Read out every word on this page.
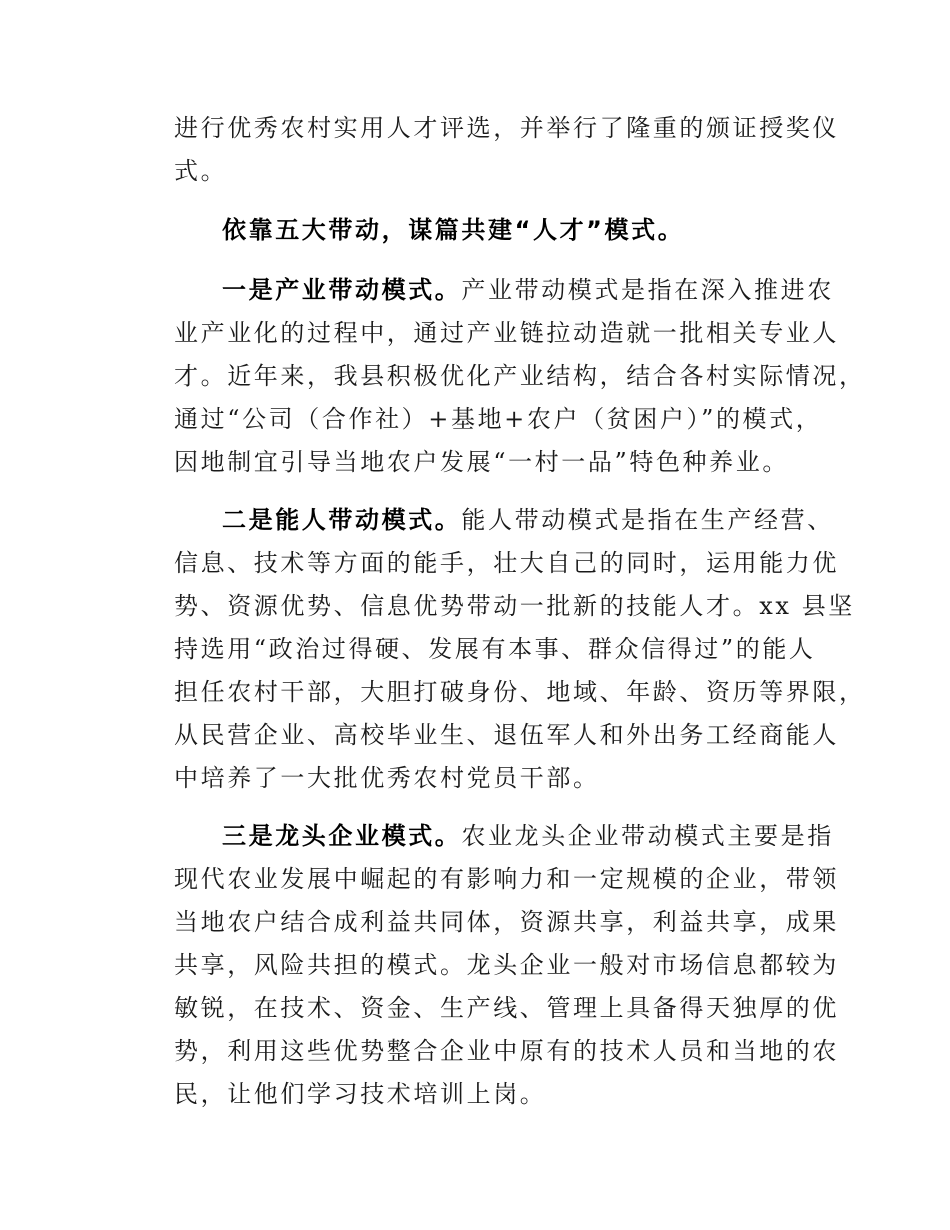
进行优秀农村实用人才评选，并举行了隆重的颁证授奖仪
式。
依靠五大带动，谋篇共建“人才”模式。
一是产业带动模式。产业带动模式是指在深入推进农
业产业化的过程中，通过产业链拉动造就一批相关专业人
才。近年来，我县积极优化产业结构，结合各村实际情况，
通过“公司（合作社）+基地+农户（贫困户）”的模式，
因地制宜引导当地农户发展“一村一品”特色种养业。
二是能人带动模式。能人带动模式是指在生产经营、
信息、技术等方面的能手，壮大自己的同时，运用能力优
势、资源优势、信息优势带动一批新的技能人才。xx 县坚
持选用“政治过得硬、发展有本事、群众信得过”的能人
担任农村干部，大胆打破身份、地域、年龄、资历等界限，
从民营企业、高校毕业生、退伍军人和外出务工经商能人
中培养了一大批优秀农村党员干部。
三是龙头企业模式。农业龙头企业带动模式主要是指
现代农业发展中崛起的有影响力和一定规模的企业，带领
当地农户结合成利益共同体，资源共享，利益共享，成果
共享，风险共担的模式。龙头企业一般对市场信息都较为
敏锐，在技术、资金、生产线、管理上具备得天独厚的优
势，利用这些优势整合企业中原有的技术人员和当地的农
民，让他们学习技术培训上岗。
